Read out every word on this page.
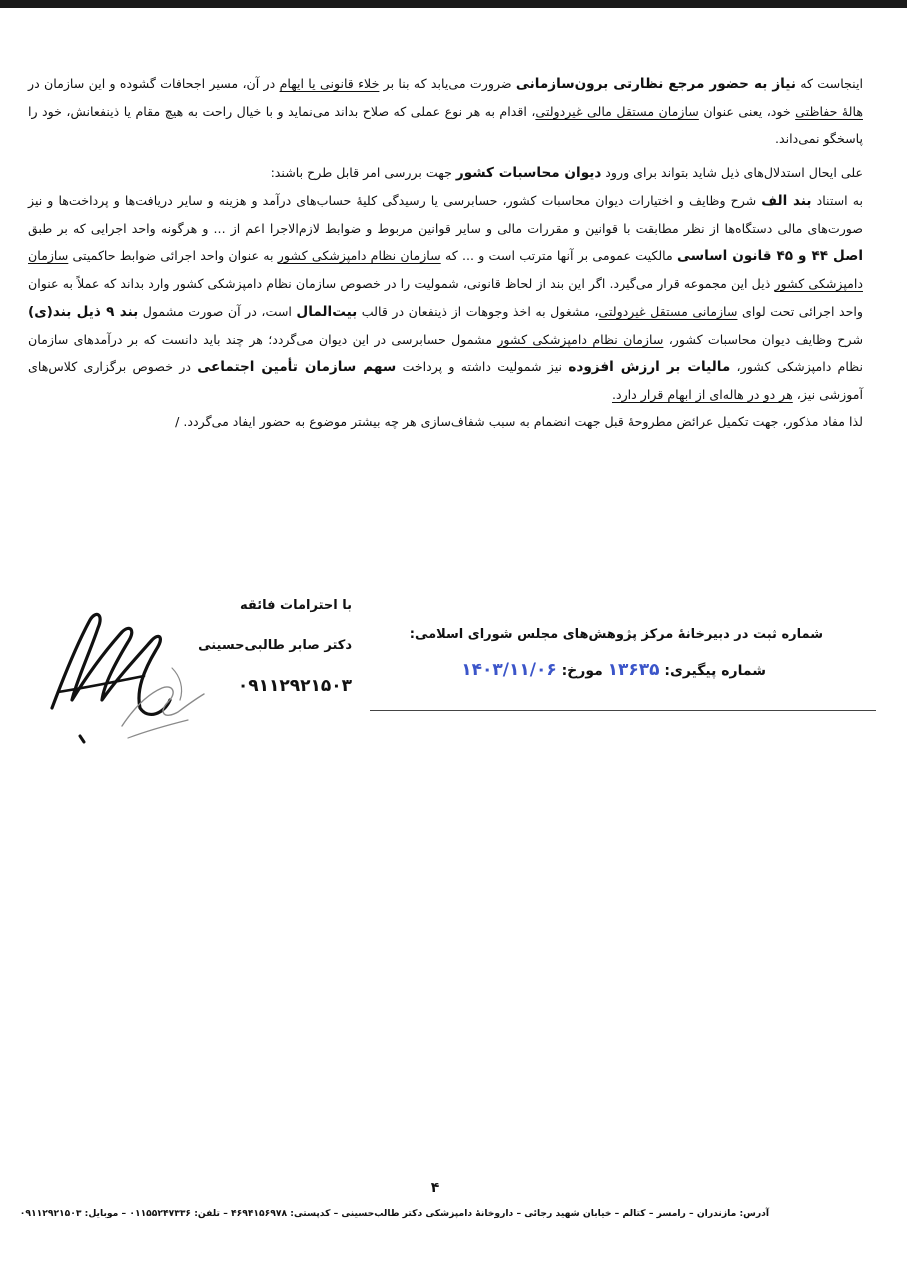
اینجاست که نیاز به حضور مرجع نظارتی برون‌سازمانی ضرورت می‌یابد که بنا بر خلاء قانونی یا ایهام در آن، مسیر اجحافات گشوده و این سازمان در هالهٔ حفاظتی خود، یعنی عنوان سازمان مستقل مالی غیردولتی، اقدام به هر نوع عملی که صلاح بداند می‌نماید و با خیال راحت به هیچ مقام یا ذینفعانش، خود را پاسخگو نمی‌داند.

علی ایحال استدلال‌های ذیل شاید بتواند برای ورود دیوان محاسبات کشور جهت بررسی امر قابل طرح باشند:

به استناد بند الف شرح وظایف و اختیارات دیوان محاسبات کشور، حسابرسی یا رسیدگی کلیهٔ حساب‌های درآمد و هزینه و سایر دریافت‌ها و پرداخت‌ها و نیز صورت‌های مالی دستگاه‌ها از نظر مطابقت با قوانین و مقررات مالی و سایر قوانین مربوط و ضوابط لازم‌الاجرا اعم از ... و هرگونه واحد اجرایی که بر طبق اصل ۴۴ و ۴۵ قانون اساسی مالکیت عمومی بر آنها مترتب است و ... که سازمان نظام دامپزشکی کشور به عنوان واحد اجرائی ضوابط حاکمیتی سازمان دامپزشکی کشور ذیل این مجموعه قرار می‌گیرد. اگر این بند از لحاظ قانونی، شمولیت را در خصوص سازمان نظام دامپزشکی کشور وارد بداند که عملاً به عنوان واحد اجرائی تحت لوای سازمانی مستقل غیردولتی، مشغول به اخذ وجوهات از ذینفعان در قالب بیت‌المال است، در آن صورت مشمول بند ۹ ذیل بند(ی) شرح وظایف دیوان محاسبات کشور، سازمان نظام دامپزشکی کشور مشمول حسابرسی در این دیوان می‌گردد؛ هر چند باید دانست که بر درآمدهای سازمان نظام دامپزشکی کشور، مالیات بر ارزش افزوده نیز شمولیت داشته و پرداخت سهم سازمان تأمین اجتماعی در خصوص برگزاری کلاس‌های آموزشی نیز، هر دو در هاله‌ای از ابهام قرار دارد.

لذا مفاد مذکور، جهت تکمیل عرائض مطروحهٔ قبل جهت انضمام به سبب شفاف‌سازی هر چه بیشتر موضوع به حضور ایفاد می‌گردد. /

با احترامات فائقه
دکتر صابر طالبی‌حسینی
۰۹۱۱۲۹۲۱۵۰۳
شماره ثبت در دبیرخانهٔ مرکز پژوهش‌های مجلس شورای اسلامی:
شماره پیگیری: ۱۳۶۳۵ مورخ: ۱۴۰۳/۱۱/۰۶
۴
آدرس: مازندران – رامسر – کتالم – خیابان شهید رجائی – داروخانهٔ دامپزشکی دکتر طالب‌حسینی – کدپستی: ۴۶۹۴۱۵۶۹۷۸ – تلفن: ۰۱۱۵۵۲۴۷۳۳۶ – موبایل: ۰۹۱۱۲۹۲۱۵۰۳
